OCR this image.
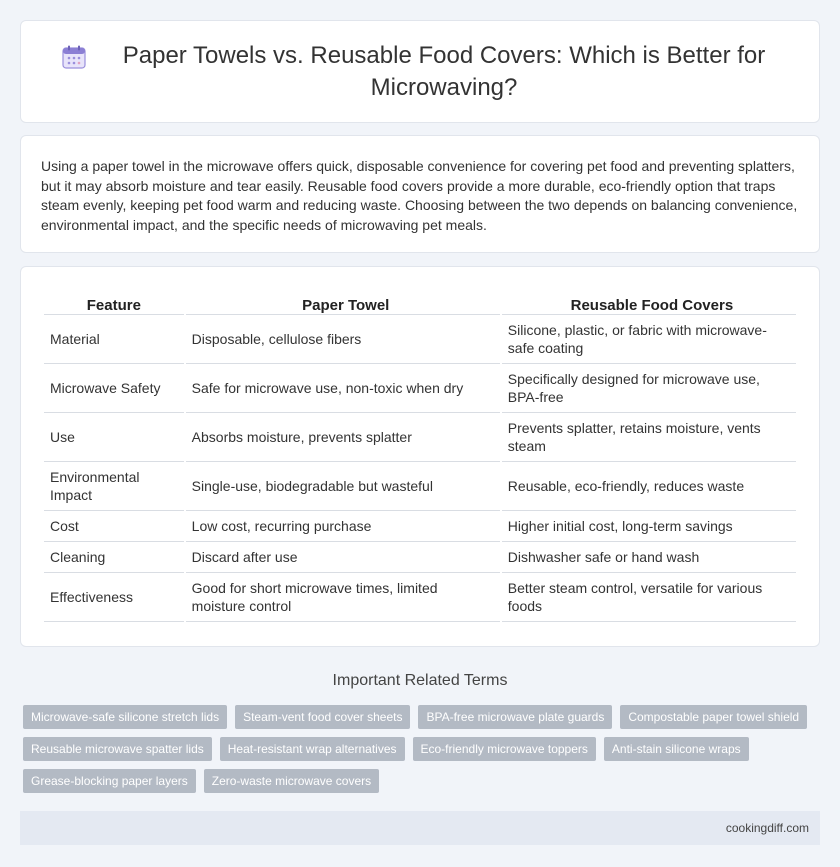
Paper Towels vs. Reusable Food Covers: Which is Better for Microwaving?

Using a paper towel in the microwave offers quick, disposable convenience for covering pet food and preventing splatters, but it may absorb moisture and tear easily. Reusable food covers provide a more durable, eco-friendly option that traps steam evenly, keeping pet food warm and reducing waste. Choosing between the two depends on balancing convenience, environmental impact, and the specific needs of microwaving pet meals.

Feature	Paper Towel	Reusable Food Covers
Material	Disposable, cellulose fibers	Silicone, plastic, or fabric with microwave-safe coating
Microwave Safety	Safe for microwave use, non-toxic when dry	Specifically designed for microwave use, BPA-free
Use	Absorbs moisture, prevents splatter	Prevents splatter, retains moisture, vents steam
Environmental Impact	Single-use, biodegradable but wasteful	Reusable, eco-friendly, reduces waste
Cost	Low cost, recurring purchase	Higher initial cost, long-term savings
Cleaning	Discard after use	Dishwasher safe or hand wash
Effectiveness	Good for short microwave times, limited moisture control	Better steam control, versatile for various foods
Important Related Terms
Microwave-safe silicone stretch lids	Steam-vent food cover sheets	BPA-free microwave plate guards	Compostable paper towel shield
Reusable microwave spatter lids	Heat-resistant wrap alternatives	Eco-friendly microwave toppers	Anti-stain silicone wraps
Grease-blocking paper layers	Zero-waste microwave covers
cookingdiff.com
